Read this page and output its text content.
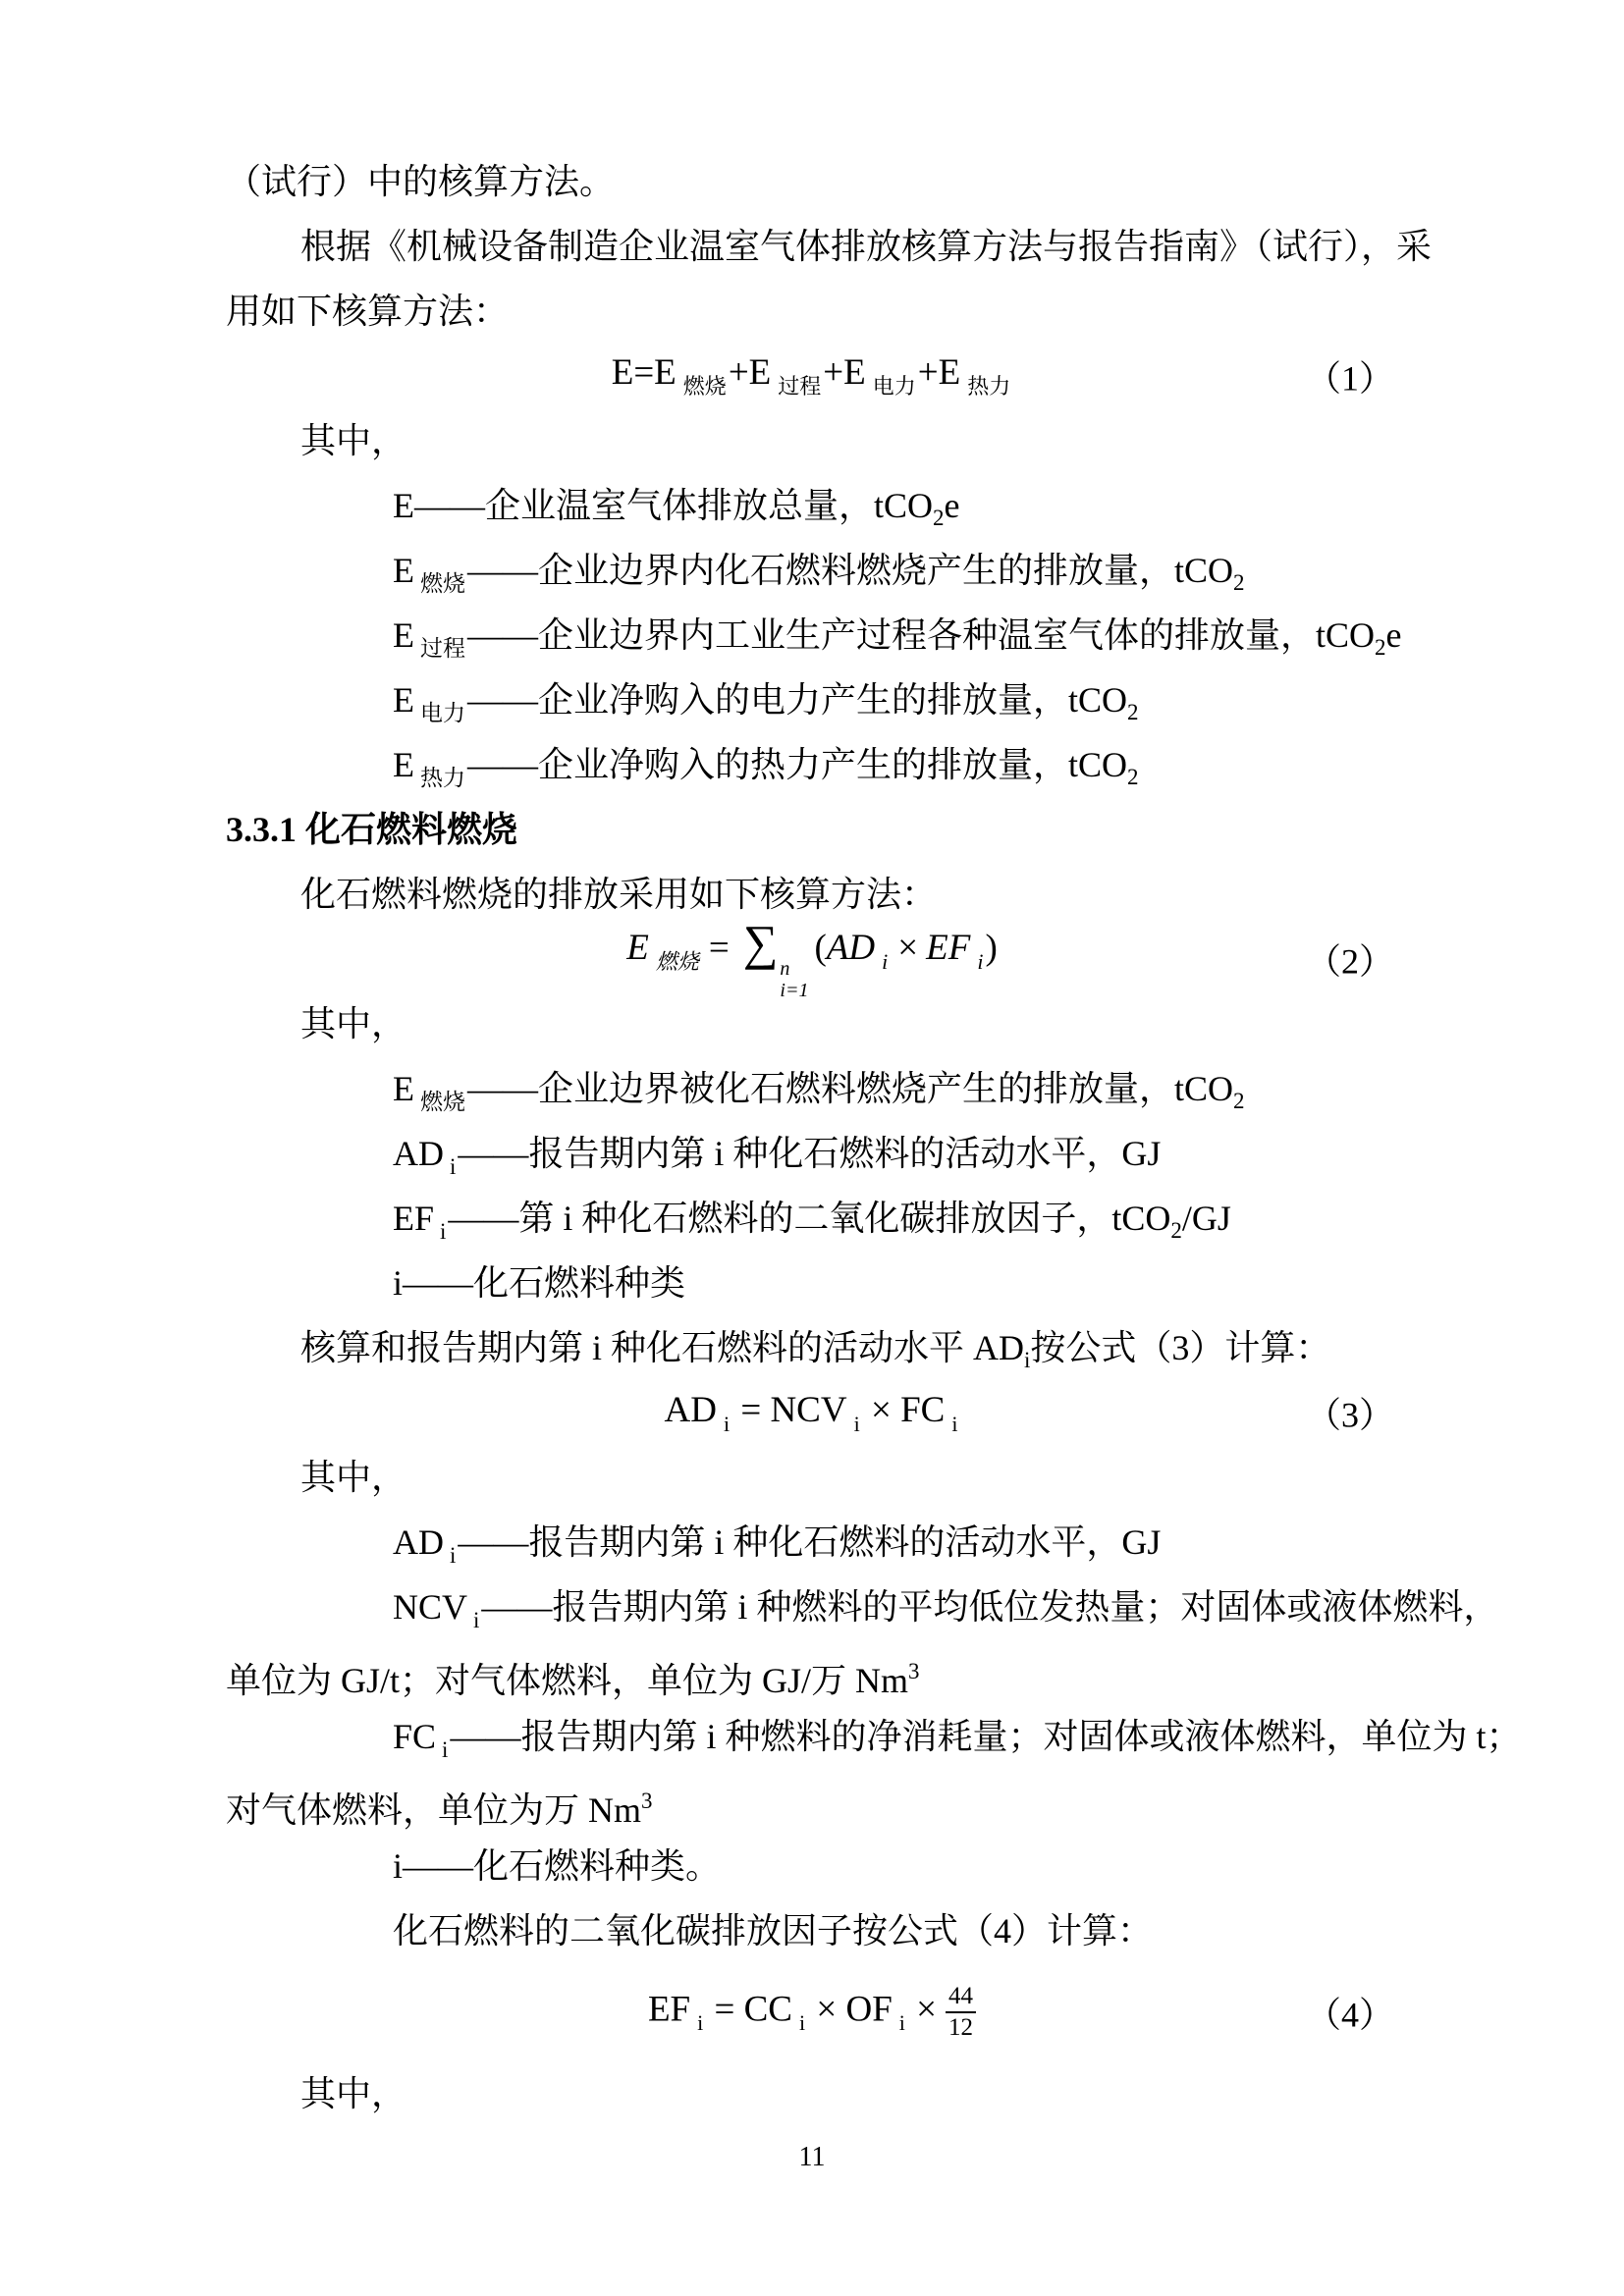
（试行）中的核算方法。
根据《机械设备制造企业温室气体排放核算方法与报告指南》（试行），采
用如下核算方法：
E=E $_{燃烧}$+E $_{过程}$+E $_{电力}$+E $_{热力}$	（1）
其中，
E——企业温室气体排放总量，tCO$_2$e
E $_{燃烧}$——企业边界内化石燃料燃烧产生的排放量，tCO$_2$
E $_{过程}$——企业边界内工业生产过程各种温室气体的排放量，tCO$_2$e
E $_{电力}$——企业净购入的电力产生的排放量，tCO$_2$
E $_{热力}$——企业净购入的热力产生的排放量，tCO$_2$
3.3.1 化石燃料燃烧
化石燃料燃烧的排放采用如下核算方法：
E $_{燃烧}$ = ∑ n
i=1
(AD $_i$ × EF $_i$)	（2）
其中，
E $_{燃烧}$——企业边界被化石燃料燃烧产生的排放量，tCO$_2$
AD $_i$——报告期内第 i 种化石燃料的活动水平，GJ
EF $_i$——第 i 种化石燃料的二氧化碳排放因子，tCO$_2$/GJ
i——化石燃料种类
核算和报告期内第 i 种化石燃料的活动水平 $AD_i$按公式（3）计算：
AD $_i$ = NCV $_i$ × FC $_i$	（3）
其中，
AD $_i$——报告期内第 i 种化石燃料的活动水平，GJ
NCV $_i$——报告期内第 i 种燃料的平均低位发热量；对固体或液体燃料，
单位为 GJ/t；对气体燃料，单位为 GJ/万 Nm$^3$
FC $_i$——报告期内第 i 种燃料的净消耗量；对固体或液体燃料，单位为 t；
对气体燃料，单位为万 Nm$^3$
i——化石燃料种类。
化石燃料的二氧化碳排放因子按公式（4）计算：
EF $_i$ = CC $_i$ × OF $_i \times \frac{44}{12}$	（4）
其中，
11
